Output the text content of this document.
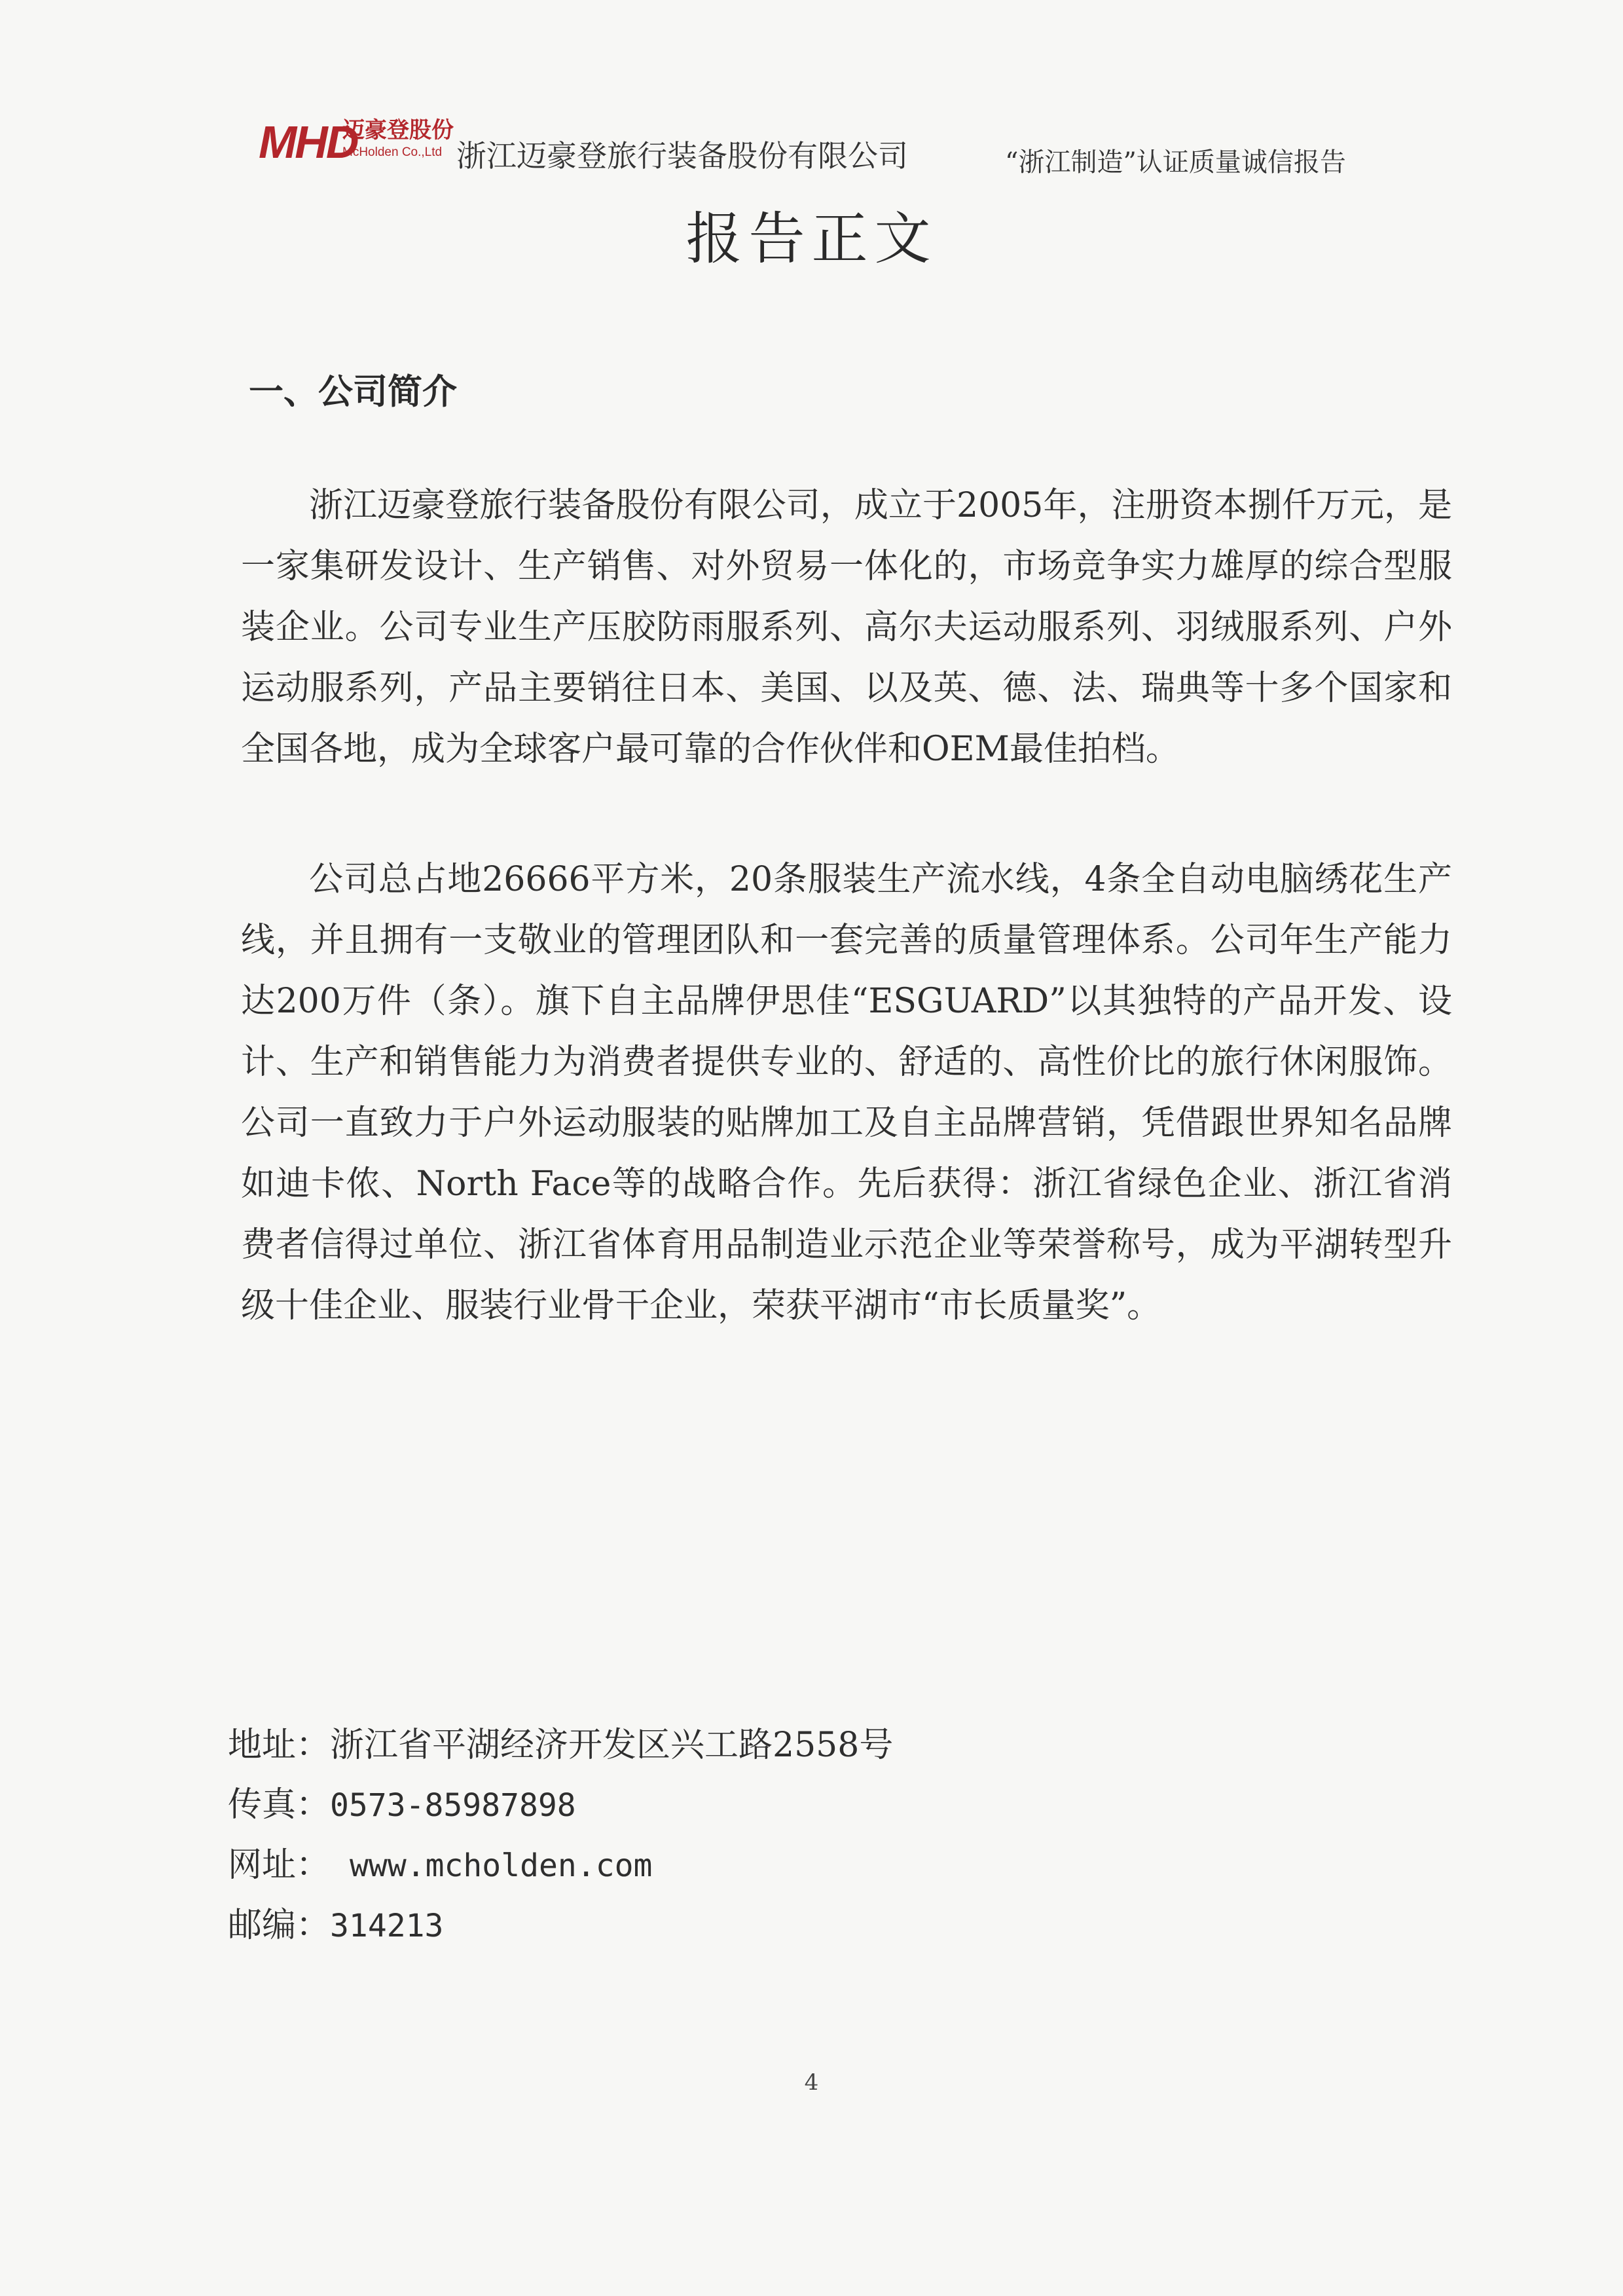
MHD
迈豪登股份
McHolden Co.,Ltd 浙江迈豪登旅行装备股份有限公司	“浙江制造”认证质量诚信报告
报告正文
一、公司简介

浙江迈豪登旅行装备股份有限公司，成立于2005年，注册资本捌仟万元，是一家集研发设计、生产销售、对外贸易一体化的，市场竞争实力雄厚的综合型服装企业。公司专业生产压胶防雨服系列、高尔夫运动服系列、羽绒服系列、户外运动服系列，产品主要销往日本、美国、以及英、德、法、瑞典等十多个国家和全国各地，成为全球客户最可靠的合作伙伴和OEM最佳拍档。

公司总占地26666平方米，20条服装生产流水线，4条全自动电脑绣花生产线，并且拥有一支敬业的管理团队和一套完善的质量管理体系。公司年生产能力达200万件（条）。旗下自主品牌伊思佳“ESGUARD”以其独特的产品开发、设计、生产和销售能力为消费者提供专业的、舒适的、高性价比的旅行休闲服饰。公司一直致力于户外运动服装的贴牌加工及自主品牌营销，凭借跟世界知名品牌如迪卡侬、North Face等的战略合作。先后获得：浙江省绿色企业、浙江省消费者信得过单位、浙江省体育用品制造业示范企业等荣誉称号，成为平湖转型升级十佳企业、服装行业骨干企业，荣获平湖市“市长质量奖”。

地址：浙江省平湖经济开发区兴工路2558号
传真：0573-85987898
网址： www.mcholden.com
邮编：314213
4
